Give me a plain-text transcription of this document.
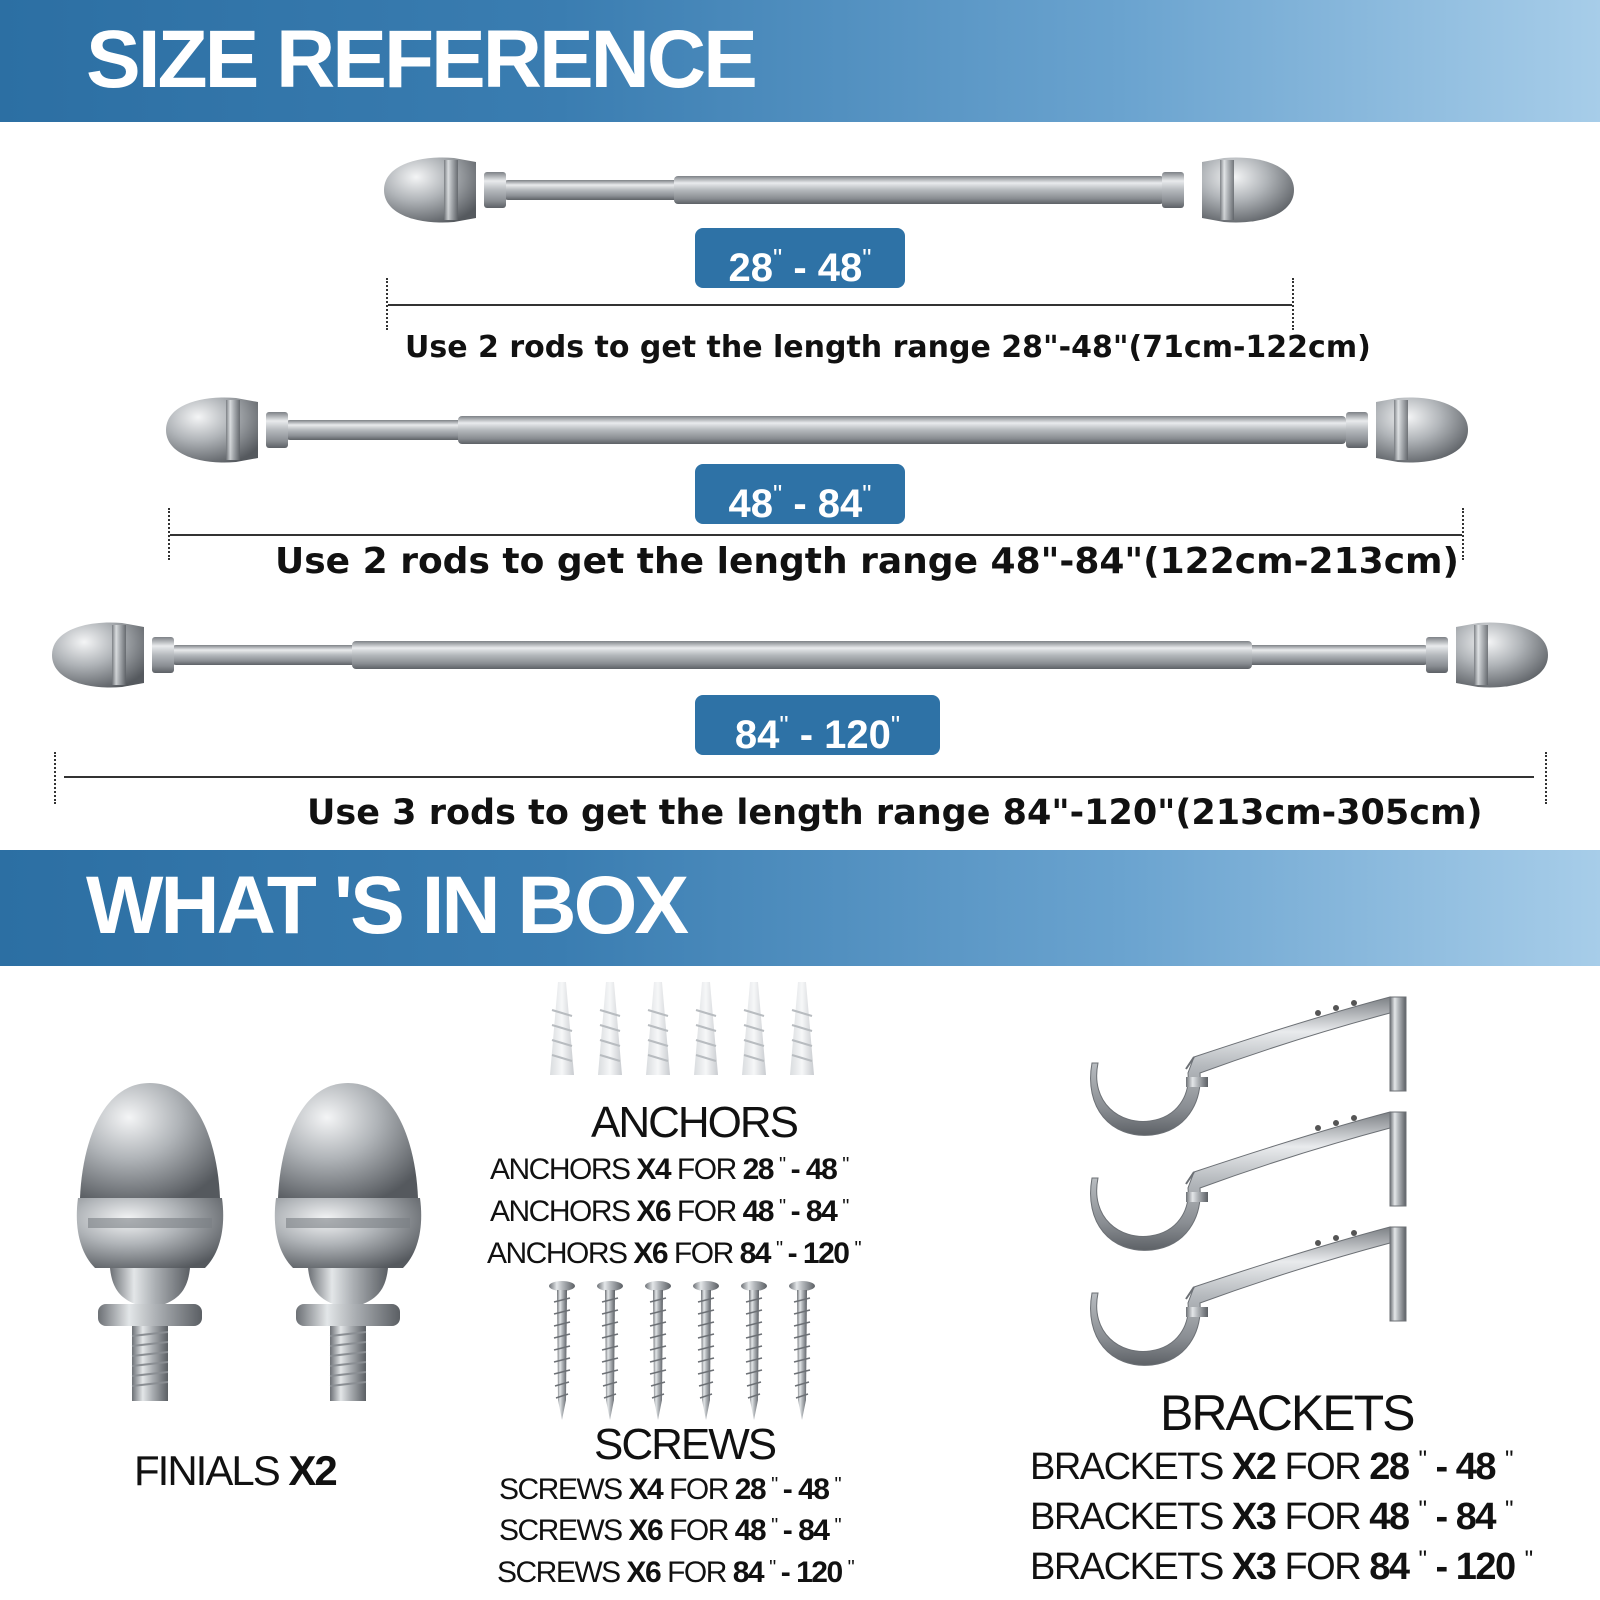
SIZE REFERENCE
28" - 48"
Use 2 rods to get the length range 28"-48"(71cm-122cm)
48" - 84"
Use 2 rods to get the length range 48"-84"(122cm-213cm)
84" - 120"
Use 3 rods to get the length range 84"-120"(213cm-305cm)
WHAT 'S IN BOX
FINIALS X2
ANCHORS
ANCHORS X4 FOR 28 " - 48 "
ANCHORS X6 FOR 48 " - 84 "
ANCHORS X6 FOR 84 " - 120 "
SCREWS
SCREWS X4 FOR 28 " - 48 "
SCREWS X6 FOR 48 " - 84 "
SCREWS X6 FOR 84 " - 120 "
BRACKETS
BRACKETS X2 FOR 28 " - 48 "
BRACKETS X3 FOR 48 " - 84 "
BRACKETS X3 FOR 84 " - 120 "
